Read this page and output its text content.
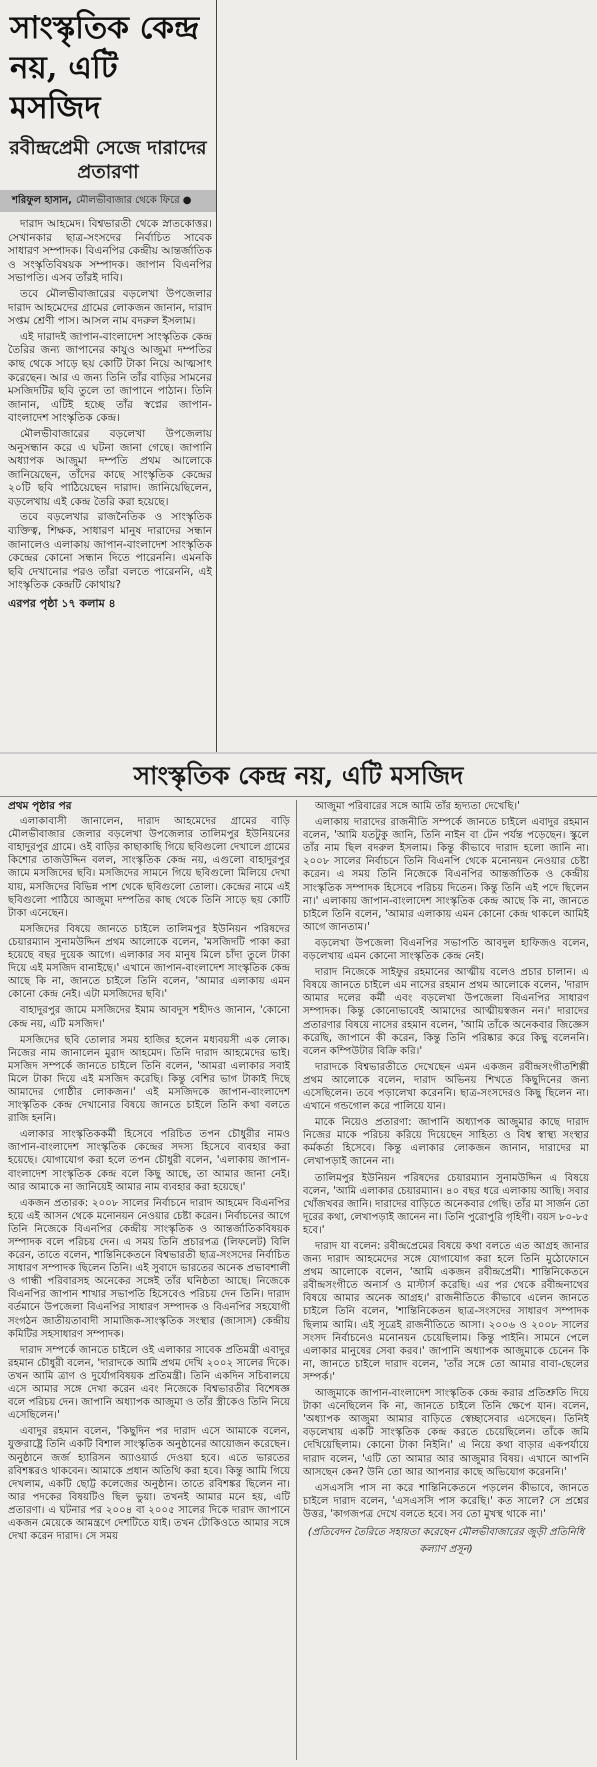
সাংস্কৃতিক কেন্দ্র নয়, এটি মসজিদ
রবীন্দ্রপ্রেমী সেজে দারাদের প্রতারণা
শরিফুল হাসান, মৌলভীবাজার থেকে ফিরে ●

দারাদ আহমেদ। বিশ্বভারতী থেকে স্নাতকোত্তর। সেখানকার ছাত্র-সংসদের নির্বাচিত সাবেক সাধারণ সম্পাদক। বিএনপির কেন্দ্রীয় আন্তর্জাতিক ও সংস্কৃতিবিষয়ক সম্পাদক। জাপান বিএনপির সভাপতি। এসব তাঁরই দাবি।

তবে মৌলভীবাজারের বড়লেখা উপজেলার দারাদ আহমেদের গ্রামের লোকজন জানান, দারাদ সপ্তম শ্রেণী পাস। আসল নাম বদরুল ইসলাম।

এই দারাদই জাপান-বাংলাদেশ সাংস্কৃতিক কেন্দ্র তৈরির জন্য জাপানের কাযুও আজুমা দম্পতির কাছ থেকে সাড়ে ছয় কোটি টাকা নিয়ে আত্মসাৎ করেছেন। আর এ জন্য তিনি তাঁর বাড়ির সামনের মসজিদটির ছবি তুলে তা জাপানে পাঠান। তিনি জানান, এটিই হচ্ছে তাঁর স্বপ্নের জাপান-বাংলাদেশ সাংস্কৃতিক কেন্দ্র।

মৌলভীবাজারের বড়লেখা উপজেলায় অনুসন্ধান করে এ ঘটনা জানা গেছে। জাপানি অধ্যাপক আজুমা দম্পতি প্রথম আলোকে জানিয়েছেন, তাঁদের কাছে সাংস্কৃতিক কেন্দ্রের ২০টি ছবি পাঠিয়েছেন দারাদ। জানিয়েছিলেন, বড়লেখায় এই কেন্দ্র তৈরি করা হয়েছে।

তবে বড়লেখার রাজনৈতিক ও সাংস্কৃতিক ব্যক্তিত্ব, শিক্ষক, সাধারণ মানুষ দারাদের সন্ধান জানালেও এলাকায় জাপান-বাংলাদেশ সাংস্কৃতিক কেন্দ্রের কোনো সন্ধান দিতে পারেননি। এমনকি ছবি দেখানোর পরও তাঁরা বলতে পারেননি, এই সাংস্কৃতিক কেন্দ্রটি কোথায়?

এরপর পৃষ্ঠা ১৭ কলাম ৪
সাংস্কৃতিক কেন্দ্র নয়, এটি মসজিদ

প্রথম পৃষ্ঠার পর

এলাকাবাসী জানালেন, দারাদ আহমেদের গ্রামের বাড়ি মৌলভীবাজার জেলার বড়লেখা উপজেলার তালিমপুর ইউনিয়নের বাহাদুরপুর গ্রামে। ওই বাড়ির কাছাকাছি গিয়ে ছবিগুলো দেখালে গ্রামের কিশোর তাজউদ্দিন বলল, সাংস্কৃতিক কেন্দ্র নয়, এগুলো বাহাদুরপুর জামে মসজিদের ছবি। মসজিদের সামনে গিয়ে ছবিগুলো মিলিয়ে দেখা যায়, মসজিদের বিভিন্ন পাশ থেকে ছবিগুলো তোলা। কেন্দ্রের নামে এই ছবিগুলো পাঠিয়ে আজুমা দম্পতির কাছ থেকে তিনি সাড়ে ছয় কোটি টাকা এনেছেন।

মসজিদের বিষয়ে জানতে চাইলে তালিমপুর ইউনিয়ন পরিষদের চেয়ারম্যান সুনামউদ্দিন প্রথম আলোকে বলেন, 'মসজিদটি পাকা করা হয়েছে বছর দুয়েক আগে। এলাকার সব মানুষ মিলে চাঁদা তুলে টাকা দিয়ে এই মসজিদ বানাইছে।' এখানে জাপান-বাংলাদেশ সাংস্কৃতিক কেন্দ্র আছে কি না, জানতে চাইলে তিনি বলেন, 'আমার এলাকায় এমন কোনো কেন্দ্র নেই। এটা মসজিদের ছবি।'

বাহাদুরপুর জামে মসজিদের ইমাম আবদুস শহীদও জানান, 'কোনো কেন্দ্র নয়, এটি মসজিদ।'

মসজিদের ছবি তোলার সময় হাজির হলেন মধ্যবয়সী এক লোক। নিজের নাম জানালেন মুরাদ আহমেদ। তিনি দারাদ আহমেদের ভাই। মসজিদ সম্পর্কে জানতে চাইলে তিনি বলেন, 'আমরা এলাকার সবাই মিলে টাকা দিয়ে এই মসজিদ করেছি। কিন্তু বেশির ভাগ টাকাই দিছে আমাদের গোষ্ঠীর লোকজন।' এই মসজিদকে জাপান-বাংলাদেশ সাংস্কৃতিক কেন্দ্র দেখানোর বিষয়ে জানতে চাইলে তিনি কথা বলতে রাজি হননি।

এলাকার সাংস্কৃতিককর্মী হিসেবে পরিচিত তপন চৌধুরীর নামও জাপান-বাংলাদেশ সাংস্কৃতিক কেন্দ্রের সদস্য হিসেবে ব্যবহার করা হয়েছে। যোগাযোগ করা হলে তপন চৌধুরী বলেন, 'এলাকায় জাপান-বাংলাদেশ সাংস্কৃতিক কেন্দ্র বলে কিছু আছে, তা আমার জানা নেই। আর আমাকে না জানিয়েই আমার নাম ব্যবহার করা হয়েছে।'

একজন প্রতারক: ২০০৮ সালের নির্বাচনে দারাদ আহমেদ বিএনপির হয়ে এই আসন থেকে মনোনয়ন নেওয়ার চেষ্টা করেন। নির্বাচনের আগে তিনি নিজেকে বিএনপির কেন্দ্রীয় সাংস্কৃতিক ও আন্তর্জাতিকবিষয়ক সম্পাদক বলে পরিচয় দেন। এ সময় তিনি প্রচারপত্র (লিফলেট) বিলি করেন, তাতে বলেন, শান্তিনিকেতনে বিশ্বভারতী ছাত্র-সংসদের নির্বাচিত সাধারণ সম্পাদক ছিলেন তিনি। এই সুবাদে ভারতের অনেক প্রভাবশালী ও গান্ধী পরিবারসহ অনেকের সঙ্গেই তাঁর ঘনিষ্ঠতা আছে। নিজেকে বিএনপির জাপান শাখার সভাপতি হিসেবেও পরিচয় দেন তিনি। দারাদ বর্তমানে উপজেলা বিএনপির সাধারণ সম্পাদক ও বিএনপির সহযোগী সংগঠন জাতীয়তাবাদী সামাজিক-সাংস্কৃতিক সংস্থার (জাসাস) কেন্দ্রীয় কমিটির সহসাধারণ সম্পাদক।

দারাদ সম্পর্কে জানতে চাইলে ওই এলাকার সাবেক প্রতিমন্ত্রী এবাদুর রহমান চৌধুরী বলেন, 'দারাদকে আমি প্রথম দেখি ২০০২ সালের দিকে। তখন আমি ত্রাণ ও দুর্যোগবিষয়ক প্রতিমন্ত্রী। তিনি একদিন সচিবালয়ে এসে আমার সঙ্গে দেখা করেন এবং নিজেকে বিশ্বভারতীর বিশেষজ্ঞ বলে পরিচয় দেন। জাপানি অধ্যাপক আজুমা ও তাঁর স্ত্রীকেও তিনি নিয়ে এসেছিলেন।'

এবাদুর রহমান বলেন, 'কিছুদিন পর দারাদ এসে আমাকে বলেন, যুক্তরাষ্ট্রে তিনি একটি বিশাল সাংস্কৃতিক অনুষ্ঠানের আয়োজন করেছেন। অনুষ্ঠানে জর্জ হ্যারিসন অ্যাওয়ার্ড দেওয়া হবে। এতে ভারতের রবিশঙ্করও থাকবেন। আমাকে প্রধান অতিথি করা হবে। কিন্তু আমি গিয়ে দেখলাম, একটি ছোট্ট কলেজের অনুষ্ঠান। তাতে রবিশঙ্কর ছিলেন না। আর পদকের বিষয়টিও ছিল ভুয়া। তখনই আমার মনে হয়, এটি প্রতারণা। এ ঘটনার পর ২০০৪ বা ২০০৫ সালের দিকে দারাদ জাপানে একজন মেয়েকে আমন্ত্রণে দেশটিতে যাই। তখন টোকিওতে আমার সঙ্গে দেখা করেন দারাদ। সে সময়

আজুমা পরিবারের সঙ্গে আমি তাঁর হৃদ্যতা দেখেছি।'

এলাকায় দারাদের রাজনীতি সম্পর্কে জানতে চাইলে এবাদুর রহমান বলেন, 'আমি যতটুকু জানি, তিনি নাইন বা টেন পর্যন্ত পড়েছেন। স্কুলে তাঁর নাম ছিল বদরুল ইসলাম। কিন্তু কীভাবে দারাদ হলো জানি না। ২০০৮ সালের নির্বাচনে তিনি বিএনপি থেকে মনোনয়ন নেওয়ার চেষ্টা করেন। এ সময় তিনি নিজেকে বিএনপির আন্তর্জাতিক ও কেন্দ্রীয় সাংস্কৃতিক সম্পাদক হিসেবে পরিচয় দিতেন। কিন্তু তিনি এই পদে ছিলেন না।' এলাকায় জাপান-বাংলাদেশ সাংস্কৃতিক কেন্দ্র আছে কি না, জানতে চাইলে তিনি বলেন, 'আমার এলাকায় এমন কোনো কেন্দ্র থাকলে আমিই আগে জানতাম।'

বড়লেখা উপজেলা বিএনপির সভাপতি আবদুল হাফিজও বলেন, বড়লেখায় এমন কোনো সাংস্কৃতিক কেন্দ্র নেই।

দারাদ নিজেকে সাইফুর রহমানের আত্মীয় বলেও প্রচার চালান। এ বিষয়ে জানতে চাইলে এম নাসের রহমান প্রথম আলোকে বলেন, 'দারাদ আমার দলের কর্মী এবং বড়লেখা উপজেলা বিএনপির সাধারণ সম্পাদক। কিন্তু কোনোভাবেই আমাদের আত্মীয়স্বজন নন।' দারাদের প্রতারণার বিষয়ে নাসের রহমান বলেন, 'আমি তাঁকে অনেকবার জিজ্ঞেস করেছি, জাপানে কী করেন, কিন্তু তিনি পরিষ্কার করে কিছু বলেননি। বলেন কম্পিউটার বিক্রি করি।'

দারাদকে বিশ্বভারতীতে দেখেছেন এমন একজন রবীন্দ্রসংগীতশিল্পী প্রথম আলোকে বলেন, দারাদ অভিনয় শিখতে কিছুদিনের জন্য এসেছিলেন। তবে পড়ালেখা করেননি। ছাত্র-সংসদেরও কিছু ছিলেন না। এখানে গন্ডগোল করে পালিয়ে যান।

মাকে নিয়েও প্রতারণা: জাপানি অধ্যাপক আজুমার কাছে দারাদ নিজের মাকে পরিচয় করিয়ে দিয়েছেন সাহিত্য ও বিশ্ব স্বাস্থ্য সংস্থার কর্মকর্তা হিসেবে। কিন্তু এলাকার লোকজন জানান, দারাদের মা লেখাপড়াই জানেন না।

তালিমপুর ইউনিয়ন পরিষদের চেয়ারম্যান সুনামউদ্দিন এ বিষয়ে বলেন, 'আমি এলাকার চেয়ারম্যান। ৪০ বছর ধরে এলাকায় আছি। সবার খোঁজখবর জানি। দারাদের বাড়িতে অনেকবার গেছি। তাঁর মা সার্জন তো দূরের কথা, লেখাপড়াই জানেন না। তিনি পুরোপুরি গৃহিণী। বয়স ৮০-৮৫ হবে।'

দারাদ যা বলেন: রবীন্দ্রপ্রেমের বিষয়ে কথা বলতে এত আগ্রহ জানার জন্য দারাদ আহমেদের সঙ্গে যোগাযোগ করা হলে তিনি মুঠোফোনে প্রথম আলোকে বলেন, 'আমি একজন রবীন্দ্রপ্রেমী। শান্তিনিকেতনে রবীন্দ্রসংগীতে অনার্স ও মাস্টার্স করেছি। এর পর থেকে রবীন্দ্রনাথের বিষয়ে আমার অনেক আগ্রহ।' রাজনীতিতে কীভাবে এলেন জানতে চাইলে তিনি বলেন, 'শান্তিনিকেতন ছাত্র-সংসদের সাধারণ সম্পাদক ছিলাম আমি। এই সূত্রেই রাজনীতিতে আসা। ২০০৬ ও ২০০৮ সালের সংসদ নির্বাচনেও মনোনয়ন চেয়েছিলাম। কিন্তু পাইনি। সামনে পেলে এলাকার মানুষের সেবা করব।' জাপানি অধ্যাপক আজুমাকে চেনেন কি না, জানতে চাইলে দারাদ বলেন, 'তাঁর সঙ্গে তো আমার বাবা-ছেলের সম্পর্ক।'

আজুমাকে জাপান-বাংলাদেশ সাংস্কৃতিক কেন্দ্র করার প্রতিশ্রুতি দিয়ে টাকা এনেছিলেন কি না, জানতে চাইলে তিনি ক্ষেপে যান। বলেন, 'অধ্যাপক আজুমা আমার বাড়িতে স্বেচ্ছাসেবার এসেছেন। তিনিই বড়লেখায় একটি সাংস্কৃতিক কেন্দ্র করতে চেয়েছিলেন। তাঁকে জমি দেখিয়েছিলাম। কোনো টাকা নিইনি।' এ নিয়ে কথা বাড়ার একপর্যায়ে দারাদ বলেন, 'এটি তো আমার আর আজুমার বিষয়। এখানে আপনি আসছেন কেন? উনি তো আর আপনার কাছে অভিযোগ করেননি।'

এসএসসি পাস না করে শান্তিনিকেতনে পড়লেন কীভাবে, জানতে চাইলে দারাদ বলেন, 'এসএসসি পাস করেছি।' কত সালে? সে প্রশ্নের উত্তর, 'কাগজপত্র দেখে বলতে হবে। সব তো মুখস্থ থাকে না।'

(প্রতিবেদন তৈরিতে সহায়তা করেছেন মৌলভীবাজারের জুড়ী প্রতিনিধি কল্যাণ প্রসূন)
